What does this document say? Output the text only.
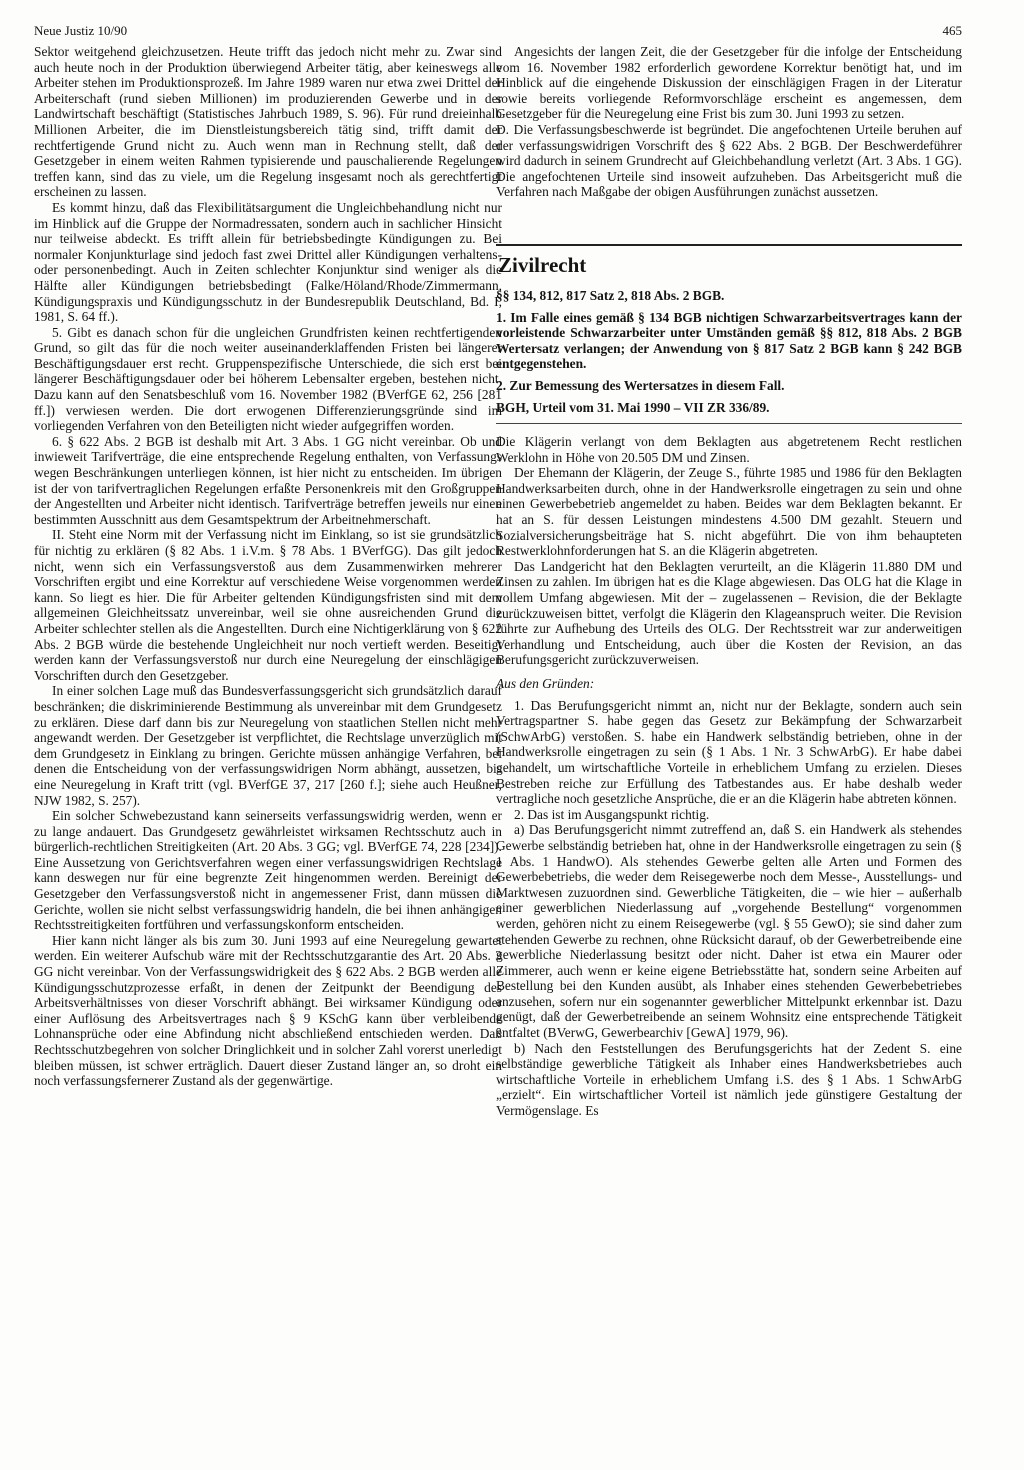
Neue Justiz 10/90	465

Sektor weitgehend gleichzusetzen. Heute trifft das jedoch nicht mehr zu. Zwar sind auch heute noch in der Produktion überwiegend Arbeiter tätig, aber keineswegs alle Arbeiter stehen im Produktionsprozeß. Im Jahre 1989 waren nur etwa zwei Drittel der Arbeiterschaft (rund sieben Millionen) im produzierenden Gewerbe und in der Landwirtschaft beschäftigt (Statistisches Jahrbuch 1989, S. 96). Für rund dreieinhalb Millionen Arbeiter, die im Dienstleistungsbereich tätig sind, trifft damit der rechtfertigende Grund nicht zu. Auch wenn man in Rechnung stellt, daß der Gesetzgeber in einem weiten Rahmen typisierende und pauschalierende Regelungen treffen kann, sind das zu viele, um die Regelung insgesamt noch als gerechtfertigt erscheinen zu lassen.

Es kommt hinzu, daß das Flexibilitätsargument die Ungleichbehandlung nicht nur im Hinblick auf die Gruppe der Normadressaten, sondern auch in sachlicher Hinsicht nur teilweise abdeckt. Es trifft allein für betriebsbedingte Kündigungen zu. Bei normaler Konjunkturlage sind jedoch fast zwei Drittel aller Kündigungen verhaltens- oder personenbedingt. Auch in Zeiten schlechter Konjunktur sind weniger als die Hälfte aller Kündigungen betriebsbedingt (Falke/Höland/Rhode/Zimmermann, Kündigungspraxis und Kündigungsschutz in der Bundesrepublik Deutschland, Bd. I, 1981, S. 64 ff.).

5. Gibt es danach schon für die ungleichen Grundfristen keinen rechtfertigenden Grund, so gilt das für die noch weiter auseinanderklaffenden Fristen bei längerer Beschäftigungsdauer erst recht. Gruppenspezifische Unterschiede, die sich erst bei längerer Beschäftigungsdauer oder bei höherem Lebensalter ergeben, bestehen nicht. Dazu kann auf den Senatsbeschluß vom 16. November 1982 (BVerfGE 62, 256 [281 ff.]) verwiesen werden. Die dort erwogenen Differenzierungsgründe sind im vorliegenden Verfahren von den Beteiligten nicht wieder aufgegriffen worden.

6. § 622 Abs. 2 BGB ist deshalb mit Art. 3 Abs. 1 GG nicht vereinbar. Ob und inwieweit Tarifverträge, die eine entsprechende Regelung enthalten, von Verfassungs wegen Beschränkungen unterliegen können, ist hier nicht zu entscheiden. Im übrigen ist der von tarifvertraglichen Regelungen erfaßte Personenkreis mit den Großgruppen der Angestellten und Arbeiter nicht identisch. Tarifverträge betreffen jeweils nur einen bestimmten Ausschnitt aus dem Gesamtspektrum der Arbeitnehmerschaft.

II. Steht eine Norm mit der Verfassung nicht im Einklang, so ist sie grundsätzlich für nichtig zu erklären (§ 82 Abs. 1 i.V.m. § 78 Abs. 1 BVerfGG). Das gilt jedoch nicht, wenn sich ein Verfassungsverstoß aus dem Zusammenwirken mehrerer Vorschriften ergibt und eine Korrektur auf verschiedene Weise vorgenommen werden kann. So liegt es hier. Die für Arbeiter geltenden Kündigungsfristen sind mit dem allgemeinen Gleichheitssatz unvereinbar, weil sie ohne ausreichenden Grund die Arbeiter schlechter stellen als die Angestellten. Durch eine Nichtigerklärung von § 622 Abs. 2 BGB würde die bestehende Ungleichheit nur noch vertieft werden. Beseitigt werden kann der Verfassungsverstoß nur durch eine Neuregelung der einschlägigen Vorschriften durch den Gesetzgeber.

In einer solchen Lage muß das Bundesverfassungsgericht sich grundsätzlich darauf beschränken; die diskriminierende Bestimmung als unvereinbar mit dem Grundgesetz zu erklären. Diese darf dann bis zur Neuregelung von staatlichen Stellen nicht mehr angewandt werden. Der Gesetzgeber ist verpflichtet, die Rechtslage unverzüglich mit dem Grundgesetz in Einklang zu bringen. Gerichte müssen anhängige Verfahren, bei denen die Entscheidung von der verfassungswidrigen Norm abhängt, aussetzen, bis eine Neuregelung in Kraft tritt (vgl. BVerfGE 37, 217 [260 f.]; siehe auch Heußner, NJW 1982, S. 257).

Ein solcher Schwebezustand kann seinerseits verfassungswidrig werden, wenn er zu lange andauert. Das Grundgesetz gewährleistet wirksamen Rechtsschutz auch in bürgerlich-rechtlichen Streitigkeiten (Art. 20 Abs. 3 GG; vgl. BVerfGE 74, 228 [234]). Eine Aussetzung von Gerichtsverfahren wegen einer verfassungswidrigen Rechtslage kann deswegen nur für eine begrenzte Zeit hingenommen werden. Bereinigt der Gesetzgeber den Verfassungsverstoß nicht in angemessener Frist, dann müssen die Gerichte, wollen sie nicht selbst verfassungswidrig handeln, die bei ihnen anhängigen Rechtsstreitigkeiten fortführen und verfassungskonform entscheiden.

Hier kann nicht länger als bis zum 30. Juni 1993 auf eine Neuregelung gewartet werden. Ein weiterer Aufschub wäre mit der Rechtsschutzgarantie des Art. 20 Abs. 3 GG nicht vereinbar. Von der Verfassungswidrigkeit des § 622 Abs. 2 BGB werden alle Kündigungsschutzprozesse erfaßt, in denen der Zeitpunkt der Beendigung des Arbeitsverhältnisses von dieser Vorschrift abhängt. Bei wirksamer Kündigung oder einer Auflösung des Arbeitsvertrages nach § 9 KSchG kann über verbleibende Lohnansprüche oder eine Abfindung nicht abschließend entschieden werden. Daß Rechtsschutzbegehren von solcher Dringlichkeit und in solcher Zahl vorerst unerledigt bleiben müssen, ist schwer erträglich. Dauert dieser Zustand länger an, so droht ein noch verfassungsfernerer Zustand als der gegenwärtige.

Angesichts der langen Zeit, die der Gesetzgeber für die infolge der Entscheidung vom 16. November 1982 erforderlich gewordene Korrektur benötigt hat, und im Hinblick auf die eingehende Diskussion der einschlägigen Fragen in der Literatur sowie bereits vorliegende Reformvorschläge erscheint es angemessen, dem Gesetzgeber für die Neuregelung eine Frist bis zum 30. Juni 1993 zu setzen.

D. Die Verfassungsbeschwerde ist begründet. Die angefochtenen Urteile beruhen auf der verfassungswidrigen Vorschrift des § 622 Abs. 2 BGB. Der Beschwerdeführer wird dadurch in seinem Grundrecht auf Gleichbehandlung verletzt (Art. 3 Abs. 1 GG). Die angefochtenen Urteile sind insoweit aufzuheben. Das Arbeitsgericht muß die Verfahren nach Maßgabe der obigen Ausführungen zunächst aussetzen.

Zivilrecht

§§ 134, 812, 817 Satz 2, 818 Abs. 2 BGB.

1. Im Falle eines gemäß § 134 BGB nichtigen Schwarzarbeitsvertrages kann der vorleistende Schwarzarbeiter unter Umständen gemäß §§ 812, 818 Abs. 2 BGB Wertersatz verlangen; der Anwendung von § 817 Satz 2 BGB kann § 242 BGB entgegenstehen.

2. Zur Bemessung des Wertersatzes in diesem Fall.

BGH, Urteil vom 31. Mai 1990 – VII ZR 336/89.

Die Klägerin verlangt von dem Beklagten aus abgetretenem Recht restlichen Werklohn in Höhe von 20.505 DM und Zinsen.

Der Ehemann der Klägerin, der Zeuge S., führte 1985 und 1986 für den Beklagten Handwerksarbeiten durch, ohne in der Handwerksrolle eingetragen zu sein und ohne einen Gewerbebetrieb angemeldet zu haben. Beides war dem Beklagten bekannt. Er hat an S. für dessen Leistungen mindestens 4.500 DM gezahlt. Steuern und Sozialversicherungsbeiträge hat S. nicht abgeführt. Die von ihm behaupteten Restwerklohnforderungen hat S. an die Klägerin abgetreten.

Das Landgericht hat den Beklagten verurteilt, an die Klägerin 11.880 DM und Zinsen zu zahlen. Im übrigen hat es die Klage abgewiesen. Das OLG hat die Klage in vollem Umfang abgewiesen. Mit der – zugelassenen – Revision, die der Beklagte zurückzuweisen bittet, verfolgt die Klägerin den Klageanspruch weiter. Die Revision führte zur Aufhebung des Urteils des OLG. Der Rechtsstreit war zur anderweitigen Verhandlung und Entscheidung, auch über die Kosten der Revision, an das Berufungsgericht zurückzuverweisen.

Aus den Gründen:

1. Das Berufungsgericht nimmt an, nicht nur der Beklagte, sondern auch sein Vertragspartner S. habe gegen das Gesetz zur Bekämpfung der Schwarzarbeit (SchwArbG) verstoßen. S. habe ein Handwerk selbständig betrieben, ohne in der Handwerksrolle eingetragen zu sein (§ 1 Abs. 1 Nr. 3 SchwArbG). Er habe dabei gehandelt, um wirtschaftliche Vorteile in erheblichem Umfang zu erzielen. Dieses Bestreben reiche zur Erfüllung des Tatbestandes aus. Er habe deshalb weder vertragliche noch gesetzliche Ansprüche, die er an die Klägerin habe abtreten können.

2. Das ist im Ausgangspunkt richtig.

a) Das Berufungsgericht nimmt zutreffend an, daß S. ein Handwerk als stehendes Gewerbe selbständig betrieben hat, ohne in der Handwerksrolle eingetragen zu sein (§ 1 Abs. 1 HandwO). Als stehendes Gewerbe gelten alle Arten und Formen des Gewerbebetriebs, die weder dem Reisegewerbe noch dem Messe-, Ausstellungs- und Marktwesen zuzuordnen sind. Gewerbliche Tätigkeiten, die – wie hier – außerhalb einer gewerblichen Niederlassung auf „vorgehende Bestellung“ vorgenommen werden, gehören nicht zu einem Reisegewerbe (vgl. § 55 GewO); sie sind daher zum stehenden Gewerbe zu rechnen, ohne Rücksicht darauf, ob der Gewerbetreibende eine gewerbliche Niederlassung besitzt oder nicht. Daher ist etwa ein Maurer oder Zimmerer, auch wenn er keine eigene Betriebsstätte hat, sondern seine Arbeiten auf Bestellung bei den Kunden ausübt, als Inhaber eines stehenden Gewerbebetriebes anzusehen, sofern nur ein sogenannter gewerblicher Mittelpunkt erkennbar ist. Dazu genügt, daß der Gewerbetreibende an seinem Wohnsitz eine entsprechende Tätigkeit entfaltet (BVerwG, Gewerbearchiv [GewA] 1979, 96).

b) Nach den Feststellungen des Berufungsgerichts hat der Zedent S. eine selbständige gewerbliche Tätigkeit als Inhaber eines Handwerksbetriebes auch wirtschaftliche Vorteile in erheblichem Umfang i.S. des § 1 Abs. 1 SchwArbG „erzielt“. Ein wirtschaftlicher Vorteil ist nämlich jede günstigere Gestaltung der Vermögenslage. Es
